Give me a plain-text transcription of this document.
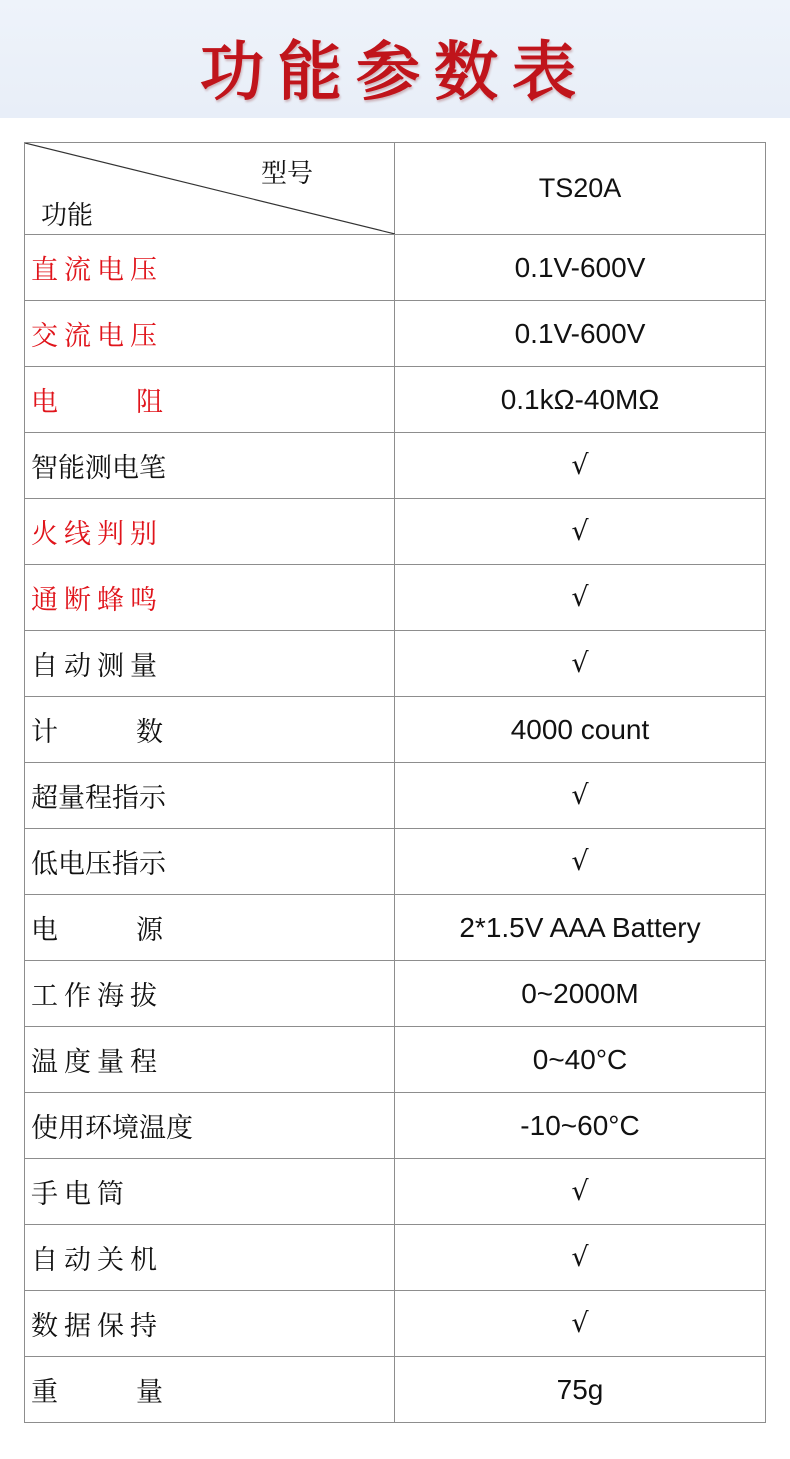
功能参数表
型号
功能	TS20A
直流电压	0.1V-600V
交流电压	0.1V-600V
电　　阻	0.1kΩ-40MΩ
智能测电笔	√
火线判别	√
通断蜂鸣	√
自动测量	√
计　　数	4000 count
超量程指示	√
低电压指示	√
电　　源	2*1.5V AAA Battery
工作海拔	0~2000M
温度量程	0~40°C
使用环境温度	-10~60°C
手电筒	√
自动关机	√
数据保持	√
重　　量	75g
